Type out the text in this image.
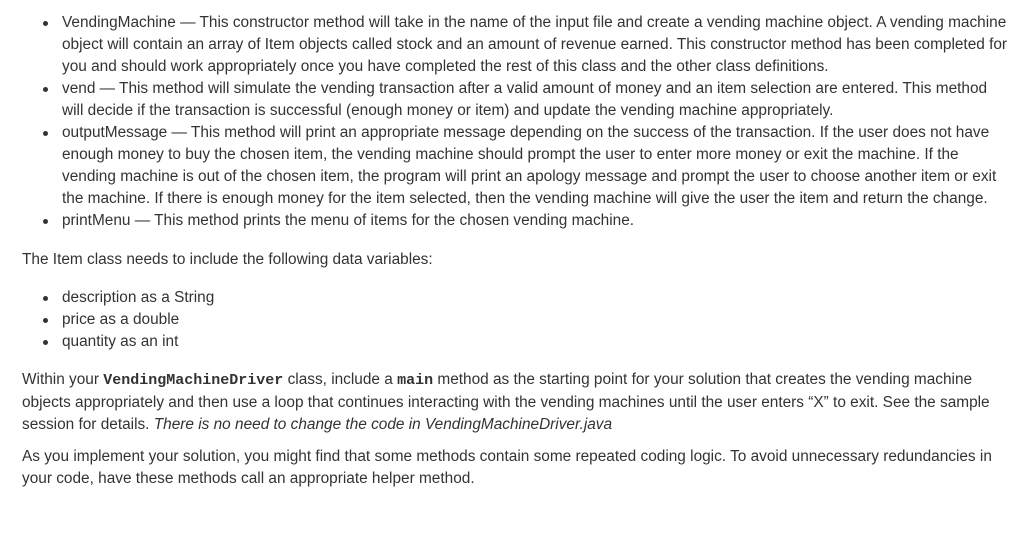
VendingMachine — This constructor method will take in the name of the input file and create a vending machine object. A vending machine object will contain an array of Item objects called stock and an amount of revenue earned. This constructor method has been completed for you and should work appropriately once you have completed the rest of this class and the other class definitions.
vend — This method will simulate the vending transaction after a valid amount of money and an item selection are entered. This method will decide if the transaction is successful (enough money or item) and update the vending machine appropriately.
outputMessage — This method will print an appropriate message depending on the success of the transaction. If the user does not have enough money to buy the chosen item, the vending machine should prompt the user to enter more money or exit the machine. If the vending machine is out of the chosen item, the program will print an apology message and prompt the user to choose another item or exit the machine. If there is enough money for the item selected, then the vending machine will give the user the item and return the change.
printMenu — This method prints the menu of items for the chosen vending machine.

The Item class needs to include the following data variables:

description as a String
price as a double
quantity as an int

Within your VendingMachineDriver class, include a main method as the starting point for your solution that creates the vending machine objects appropriately and then use a loop that continues interacting with the vending machines until the user enters “X” to exit. See the sample session for details. There is no need to change the code in VendingMachineDriver.java

As you implement your solution, you might find that some methods contain some repeated coding logic. To avoid unnecessary redundancies in your code, have these methods call an appropriate helper method.
